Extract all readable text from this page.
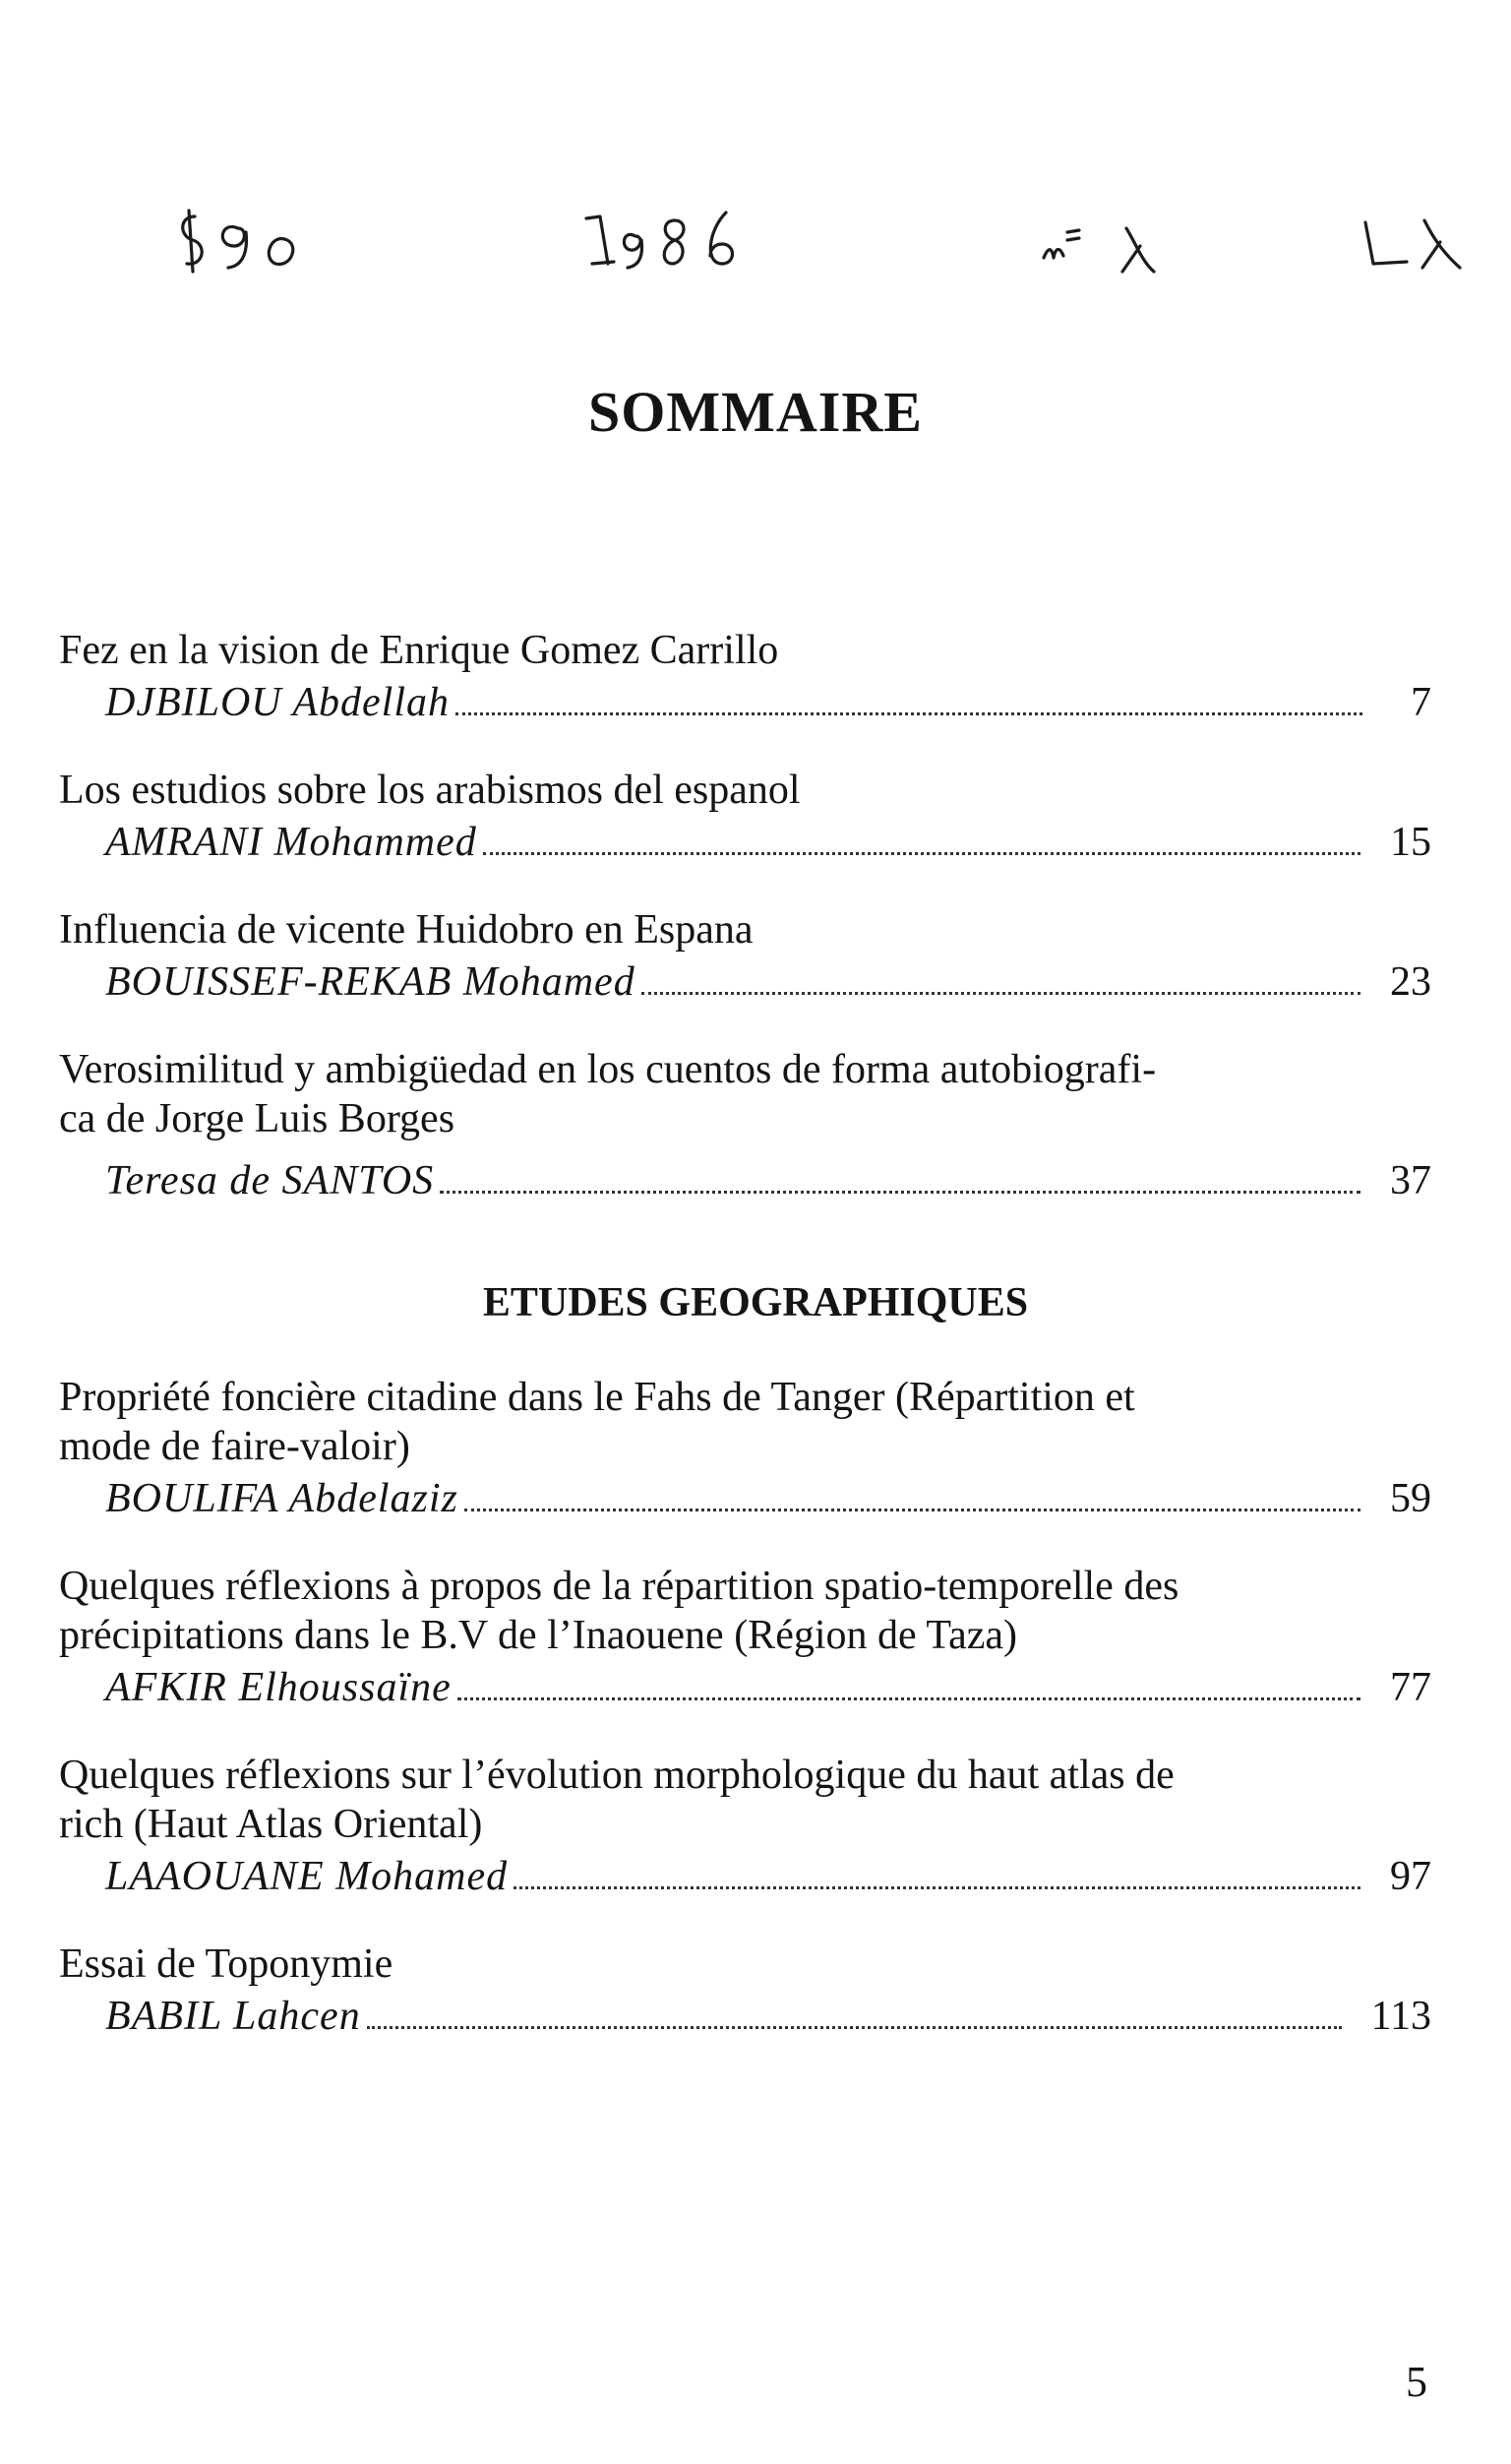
SOMMAIRE
Fez en la vision de Enrique Gomez Carrillo
DJBILOU Abdellah	7
Los estudios sobre los arabismos del espanol
AMRANI Mohammed	15
Influencia de vicente Huidobro en Espana
BOUISSEF-REKAB Mohamed	23
Verosimilitud y ambigüedad en los cuentos de forma autobiografi-
ca de Jorge Luis Borges
Teresa de SANTOS	37
ETUDES GEOGRAPHIQUES
Propriété foncière citadine dans le Fahs de Tanger (Répartition et
mode de faire-valoir)
BOULIFA Abdelaziz	59
Quelques réflexions à propos de la répartition spatio-temporelle des
précipitations dans le B.V de l’Inaouene (Région de Taza)
AFKIR Elhoussaïne	77
Quelques réflexions sur l’évolution morphologique du haut atlas de
rich (Haut Atlas Oriental)
LAAOUANE Mohamed	97
Essai de Toponymie
BABIL Lahcen	113
5
